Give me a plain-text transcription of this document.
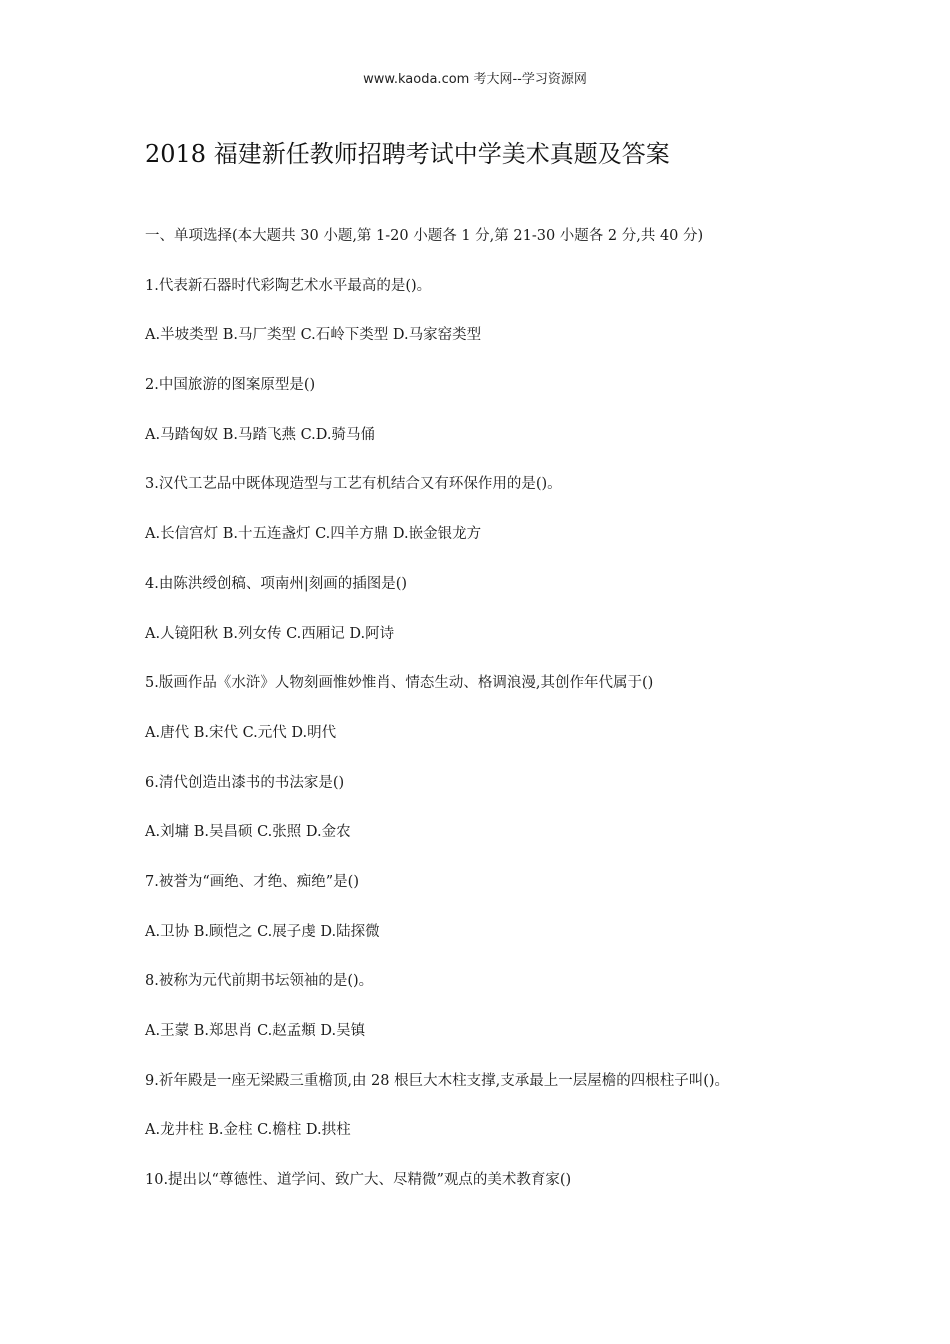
www.kaoda.com 考大网--学习资源网
2018 福建新任教师招聘考试中学美术真题及答案
一、单项选择(本大题共 30 小题,第 1-20 小题各 1 分,第 21-30 小题各 2 分,共 40 分)
1.代表新石器时代彩陶艺术水平最高的是()。
A.半坡类型 B.马厂类型 C.石岭下类型 D.马家窑类型
2.中国旅游的图案原型是()
A.马踏匈奴 B.马踏飞燕 C.D.骑马俑
3.汉代工艺品中既体现造型与工艺有机结合又有环保作用的是()。
A.长信宫灯 B.十五连盏灯 C.四羊方鼎 D.嵌金银龙方
4.由陈洪绶创稿、项南州|刻画的插图是()
A.人镜阳秋 B.列女传 C.西厢记 D.阿诗
5.版画作品《水浒》人物刻画惟妙惟肖、情态生动、格调浪漫,其创作年代属于()
A.唐代 B.宋代 C.元代 D.明代
6.清代创造出漆书的书法家是()
A.刘墉 B.吴昌硕 C.张照 D.金农
7.被誉为“画绝、才绝、痴绝”是()
A.卫协 B.顾恺之 C.展子虔 D.陆探微
8.被称为元代前期书坛领袖的是()。
A.王蒙 B.郑思肖 C.赵孟頫 D.吴镇
9.祈年殿是一座无梁殿三重檐顶,由 28 根巨大木柱支撑,支承最上一层屋檐的四根柱子叫()。
A.龙井柱 B.金柱 C.檐柱 D.拱柱
10.提出以“尊德性、道学问、致广大、尽精微”观点的美术教育家()
